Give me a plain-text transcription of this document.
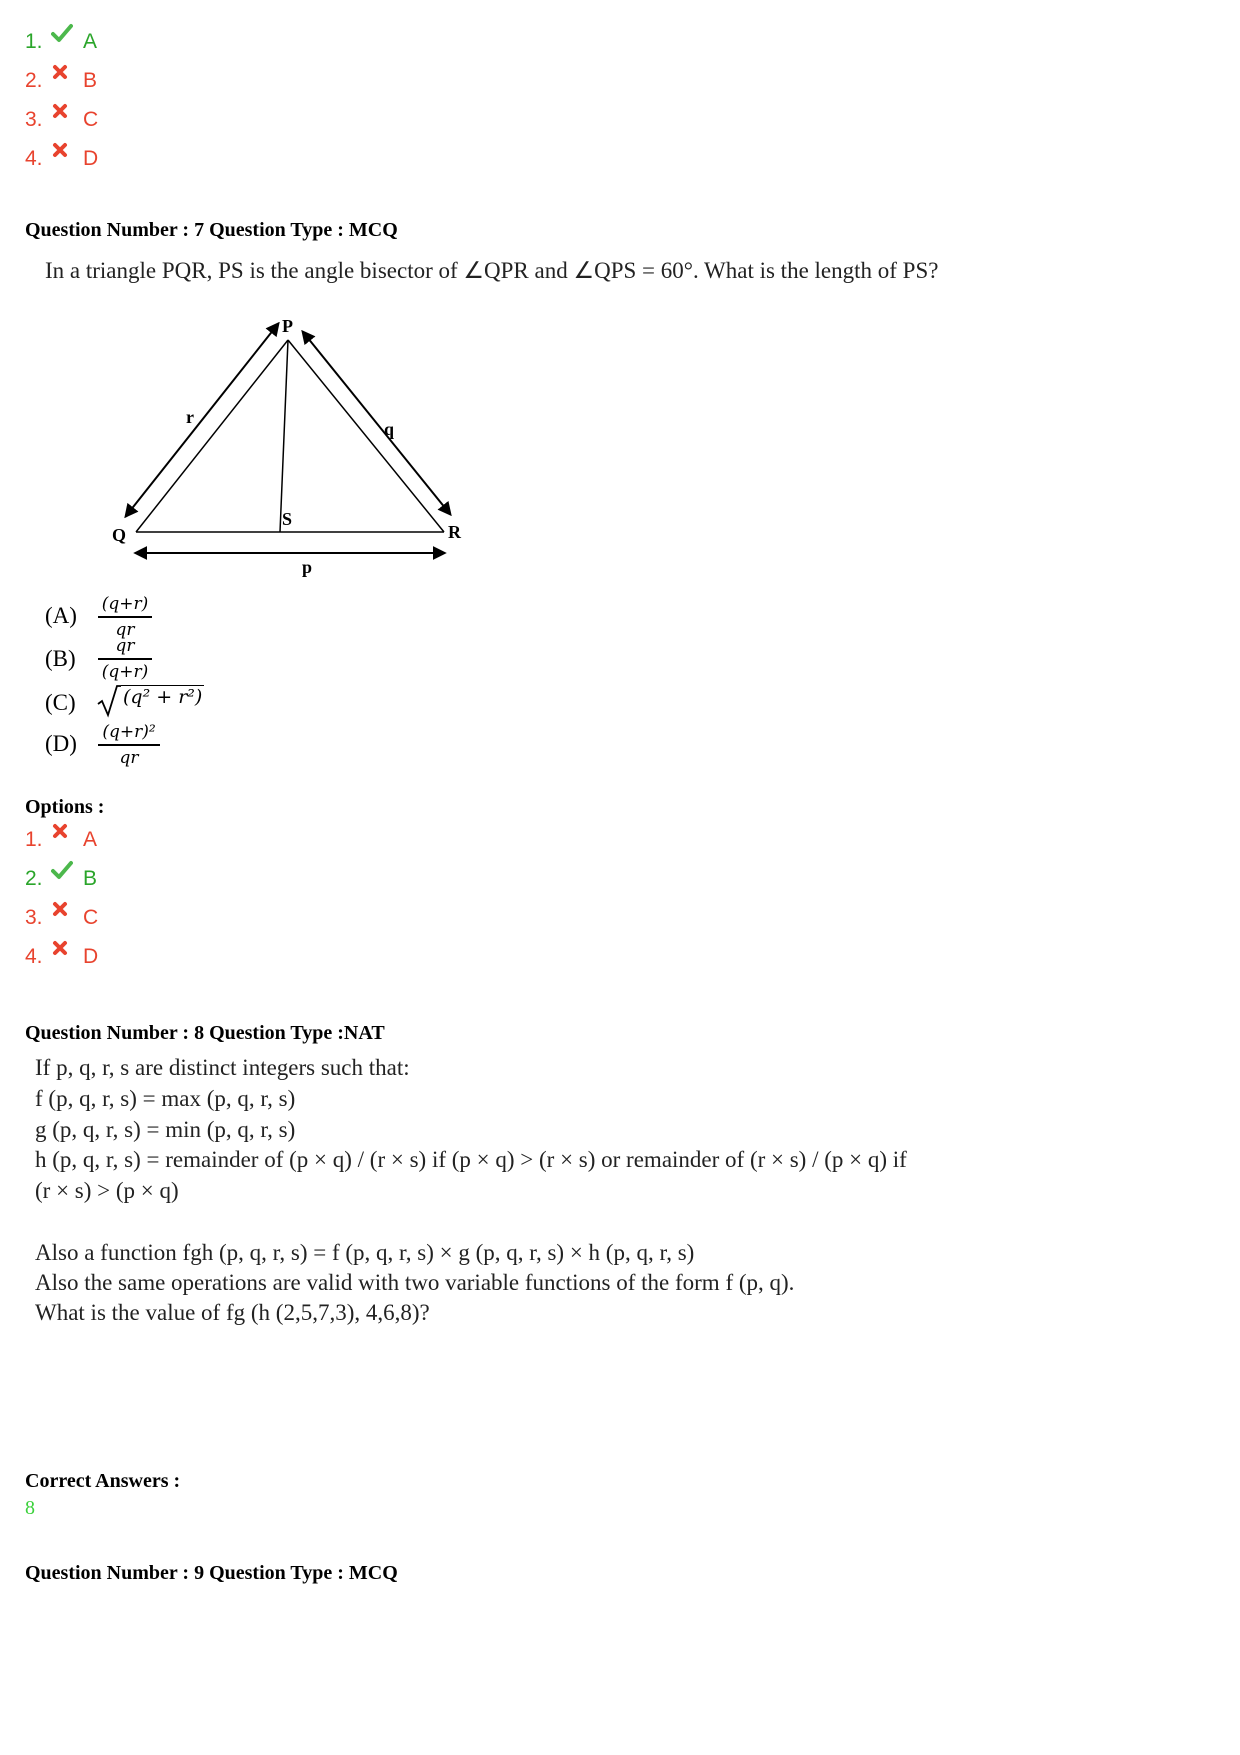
1.	A
2.	B
3.	C
4.	D
Question Number : 7 Question Type : MCQ
In a triangle PQR, PS is the angle bisector of ∠QPR and ∠QPS = 60°. What is the length of PS?
P
Q	R
S
r
q
p
(A) (q+r)
qr
(B)	qr
(q+r)
(C) (q² + r²)
(D) (q+r)²
qr
Options :
1.	A
2.	B
3.	C
4.	D
Question Number : 8 Question Type :NAT
If p, q, r, s are distinct integers such that:
f (p, q, r, s) = max (p, q, r, s)
g (p, q, r, s) = min (p, q, r, s)
h (p, q, r, s) = remainder of (p × q) / (r × s) if (p × q) > (r × s) or remainder of (r × s) / (p × q) if
(r × s) > (p × q)
Also a function fgh (p, q, r, s) = f (p, q, r, s) × g (p, q, r, s) × h (p, q, r, s)
Also the same operations are valid with two variable functions of the form f (p, q).
What is the value of fg (h (2,5,7,3), 4,6,8)?
Correct Answers :
8
Question Number : 9 Question Type : MCQ
